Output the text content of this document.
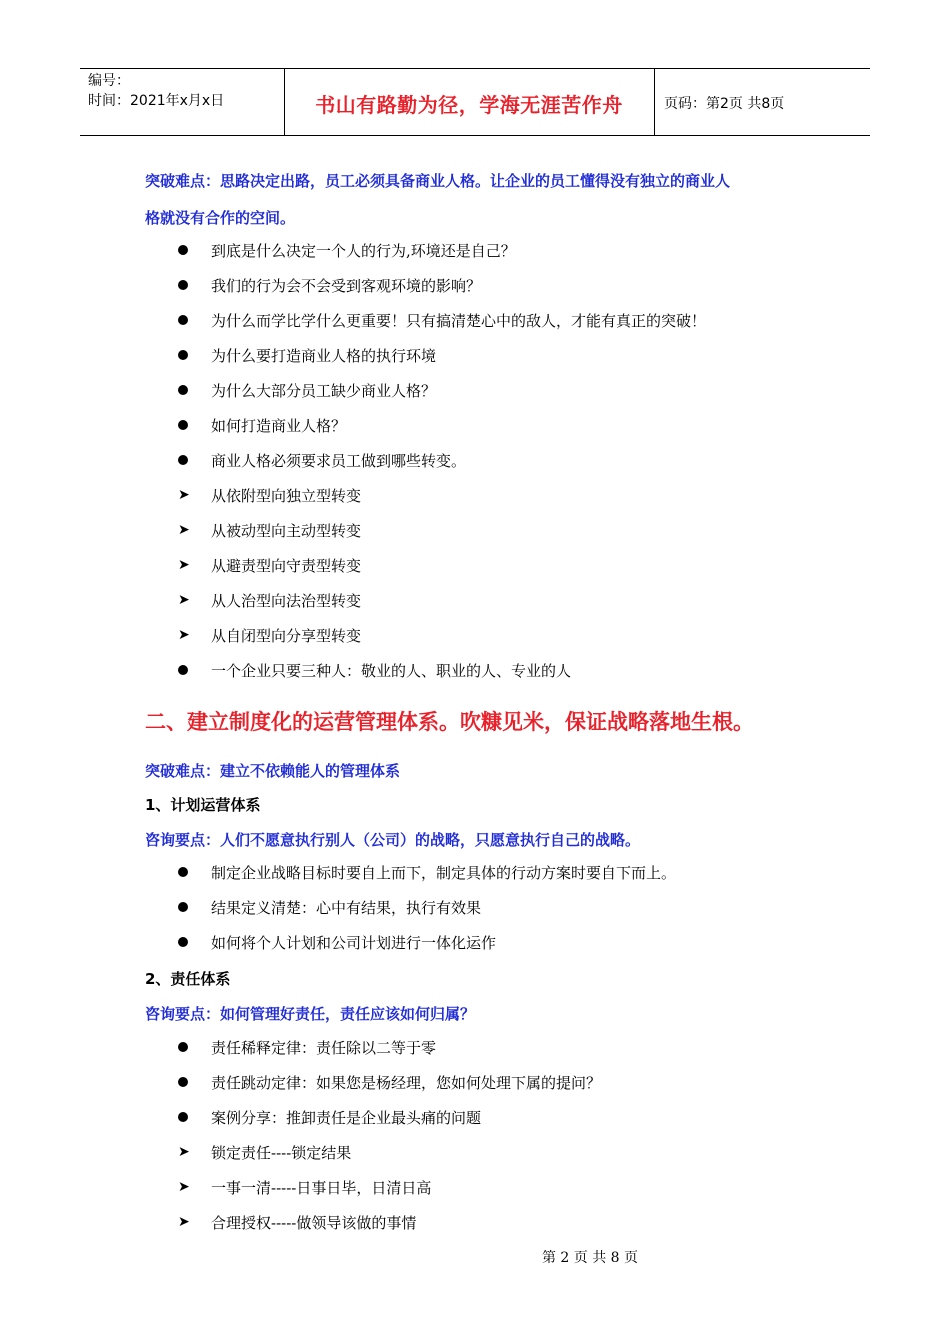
编号：
时间：2021年x月x日	书山有路勤为径，学海无涯苦作舟	页码：第2页 共8页
突破难点：思路决定出路，员工必须具备商业人格。让企业的员工懂得没有独立的商业人
格就没有合作的空间。
到底是什么决定一个人的行为,环境还是自己？
我们的行为会不会受到客观环境的影响？
为什么而学比学什么更重要！只有搞清楚心中的敌人，才能有真正的突破！
为什么要打造商业人格的执行环境
为什么大部分员工缺少商业人格？
如何打造商业人格？
商业人格必须要求员工做到哪些转变。
➤	从依附型向独立型转变
➤	从被动型向主动型转变
➤	从避责型向守责型转变
➤	从人治型向法治型转变
➤	从自闭型向分享型转变
一个企业只要三种人：敬业的人、职业的人、专业的人
二、建立制度化的运营管理体系。吹糠见米，保证战略落地生根。
突破难点：建立不依赖能人的管理体系
1、计划运营体系
咨询要点：人们不愿意执行别人（公司）的战略，只愿意执行自己的战略。
制定企业战略目标时要自上而下，制定具体的行动方案时要自下而上。
结果定义清楚：心中有结果，执行有效果
如何将个人计划和公司计划进行一体化运作
2、责任体系
咨询要点：如何管理好责任，责任应该如何归属？
责任稀释定律：责任除以二等于零
责任跳动定律：如果您是杨经理，您如何处理下属的提问？
案例分享：推卸责任是企业最头痛的问题
➤	锁定责任----锁定结果
➤	一事一清-----日事日毕，日清日高
➤	合理授权-----做领导该做的事情
第 2 页 共 8 页
